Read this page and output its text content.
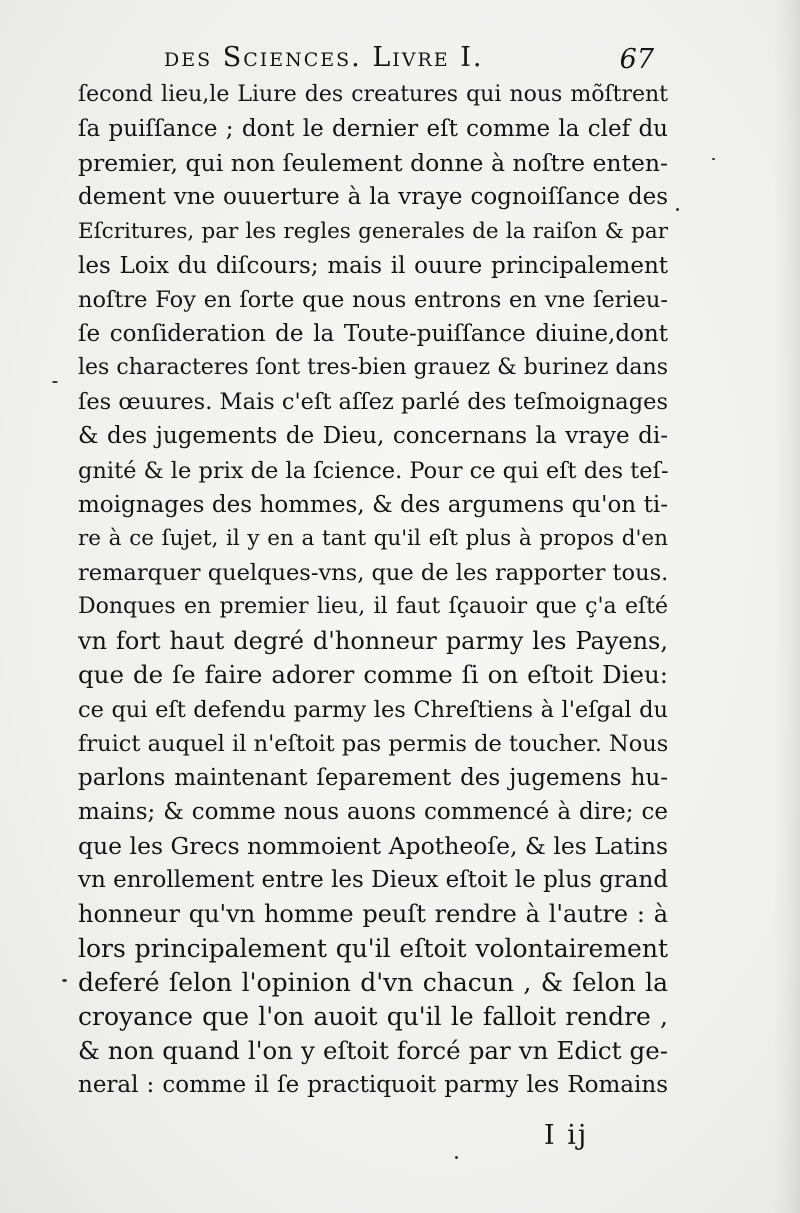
des Sciences. Livre I.	67
ſecond lieu,le Liure des creatures qui nous mõſtrent
ſa puiſſance ; dont le dernier eſt comme la clef du
premier, qui non ſeulement donne à noſtre enten-
dement vne ouuerture à la vraye cognoiſſance des
Eſcritures, par les regles generales de la raiſon & par
les Loix du diſcours; mais il ouure principalement
noſtre Foy en ſorte que nous entrons en vne ſerieu-
ſe conſideration de la Toute-puiſſance diuine,dont
les characteres ſont tres-bien grauez & burinez dans
ſes œuures. Mais c'eſt aſſez parlé des teſmoignages
& des jugements de Dieu, concernans la vraye di-
gnité & le prix de la ſcience. Pour ce qui eſt des teſ-
moignages des hommes, & des argumens qu'on ti-
re à ce ſujet, il y en a tant qu'il eſt plus à propos d'en
remarquer quelques-vns, que de les rapporter tous.
Donques en premier lieu, il faut ſçauoir que ç'a eſté
vn fort haut degré d'honneur parmy les Payens,
que de ſe faire adorer comme ſi on eſtoit Dieu:
ce qui eſt defendu parmy les Chreſtiens à l'eſgal du
fruict auquel il n'eſtoit pas permis de toucher. Nous
parlons maintenant ſeparement des jugemens hu-
mains; & comme nous auons commencé à dire; ce
que les Grecs nommoient Apotheoſe, & les Latins
vn enrollement entre les Dieux eſtoit le plus grand
honneur qu'vn homme peuſt rendre à l'autre : à
lors principalement qu'il eſtoit volontairement
deferé ſelon l'opinion d'vn chacun , & ſelon la
croyance que l'on auoit qu'il le falloit rendre ,
& non quand l'on y eſtoit forcé par vn Edict ge-
neral : comme il ſe practiquoit parmy les Romains
I ij
